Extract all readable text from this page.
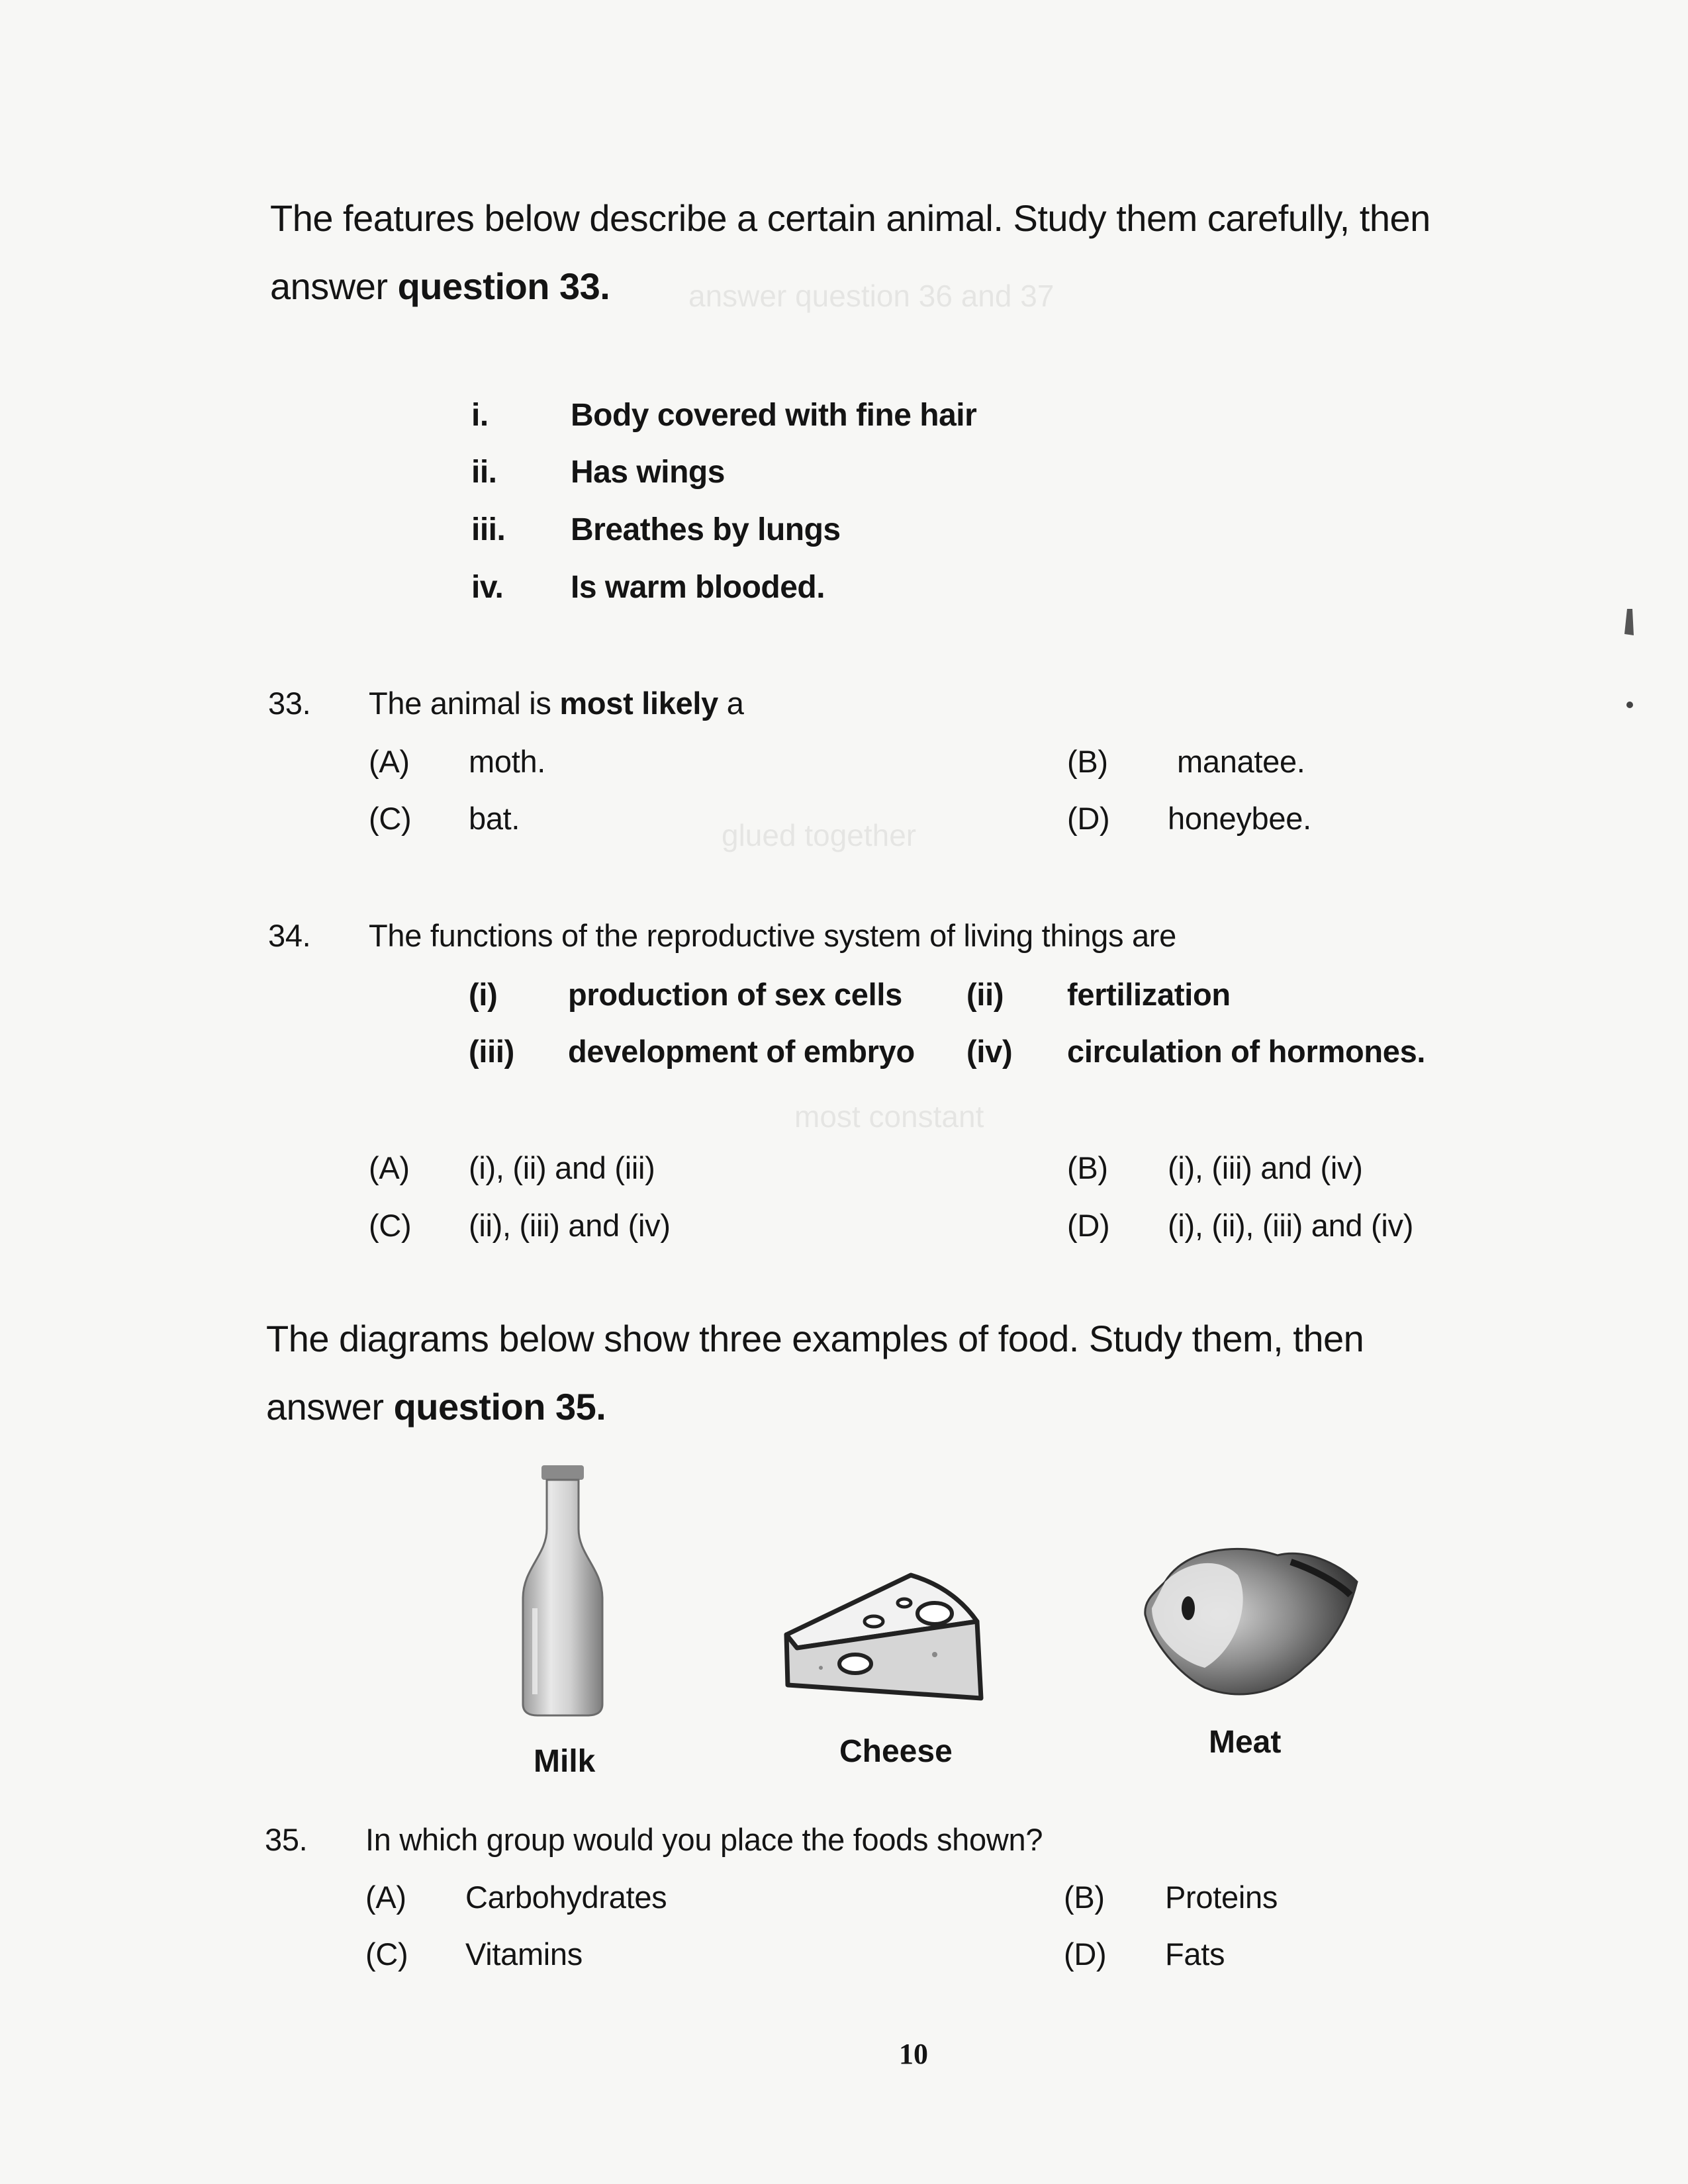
answer question 36 and 37
glued together
most constant
The features below describe a certain animal. Study them carefully, then
answer question 33.
i.	Body covered with fine hair
ii. Has wings
iii. Breathes by lungs
iv. Is warm blooded.
33. The animal is most likely a
(A) moth.	(B) manatee.
(C) bat.	(D) honeybee.
34. The functions of the reproductive system of living things are
(i) production of sex cells (ii) fertilization
(iii) development of embryo (iv) circulation of hormones.
(A) (i), (ii) and (iii)	(B) (i), (iii) and (iv)
(C) (ii), (iii) and (iv)	(D) (i), (ii), (iii) and (iv)
The diagrams below show three examples of food. Study them, then
answer question 35.
Milk	Cheese	Meat
35. In which group would you place the foods shown?
(A) Carbohydrates	(B) Proteins
(C) Vitamins	(D) Fats
10
